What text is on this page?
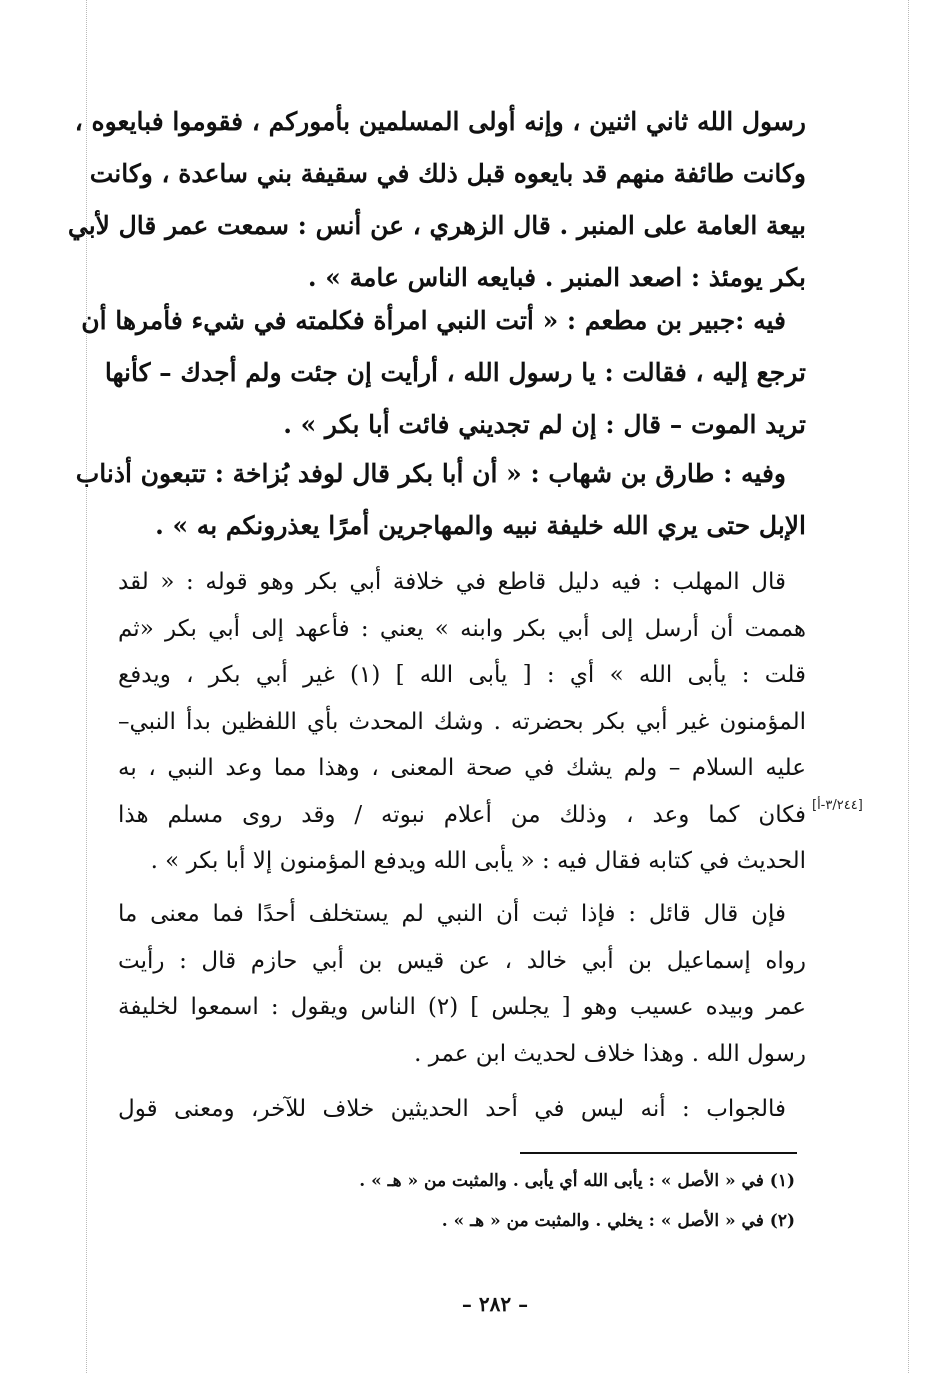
رسول الله ثاني اثنين ، وإنه أولى المسلمين بأموركم ، فقوموا فبايعوه ،
وكانت طائفة منهم قد بايعوه قبل ذلك في سقيفة بني ساعدة ، وكانت
بيعة العامة على المنبر . قال الزهري ، عن أنس : سمعت عمر قال لأبي
بكر يومئذ : اصعد المنبر . فبايعه الناس عامة » .
فيه :جبير بن مطعم : « أتت النبي امرأة فكلمته في شيء فأمرها أن
ترجع إليه ، فقالت : يا رسول الله ، أرأيت إن جئت ولم أجدك – كأنها
تريد الموت – قال : إن لم تجديني فائت أبا بكر » .
وفيه : طارق بن شهاب : « أن أبا بكر قال لوفد بُزاخة : تتبعون أذناب
الإبل حتى يري الله خليفة نبيه والمهاجرين أمرًا يعذرونكم به » .
قال المهلب : فيه دليل قاطع في خلافة أبي بكر وهو قوله : « لقد
هممت أن أرسل إلى أبي بكر وابنه » يعني : فأعهد إلى أبي بكر «ثم
قلت : يأبى الله » أي : [ يأبى الله ] (١) غير أبي بكر ، ويدفع
المؤمنون غير أبي بكر بحضرته . وشك المحدث بأي اللفظين بدأ النبي–
عليه السلام – ولم يشك في صحة المعنى ، وهذا مما وعد النبي ، به
فكان كما وعد ، وذلك من أعلام نبوته / وقد روى مسلم هذا
الحديث في كتابه فقال فيه : « يأبى الله ويدفع المؤمنون إلا أبا بكر » .
فإن قال قائل : فإذا ثبت أن النبي لم يستخلف أحدًا فما معنى ما
رواه إسماعيل بن أبي خالد ، عن قيس بن أبي حازم قال : رأيت
عمر وبيده عسيب وهو [ يجلس ] (٢) الناس ويقول : اسمعوا لخليفة
رسول الله . وهذا خلاف لحديث ابن عمر .
فالجواب : أنه ليس في أحد الحديثين خلاف للآخر، ومعنى قول
[٣/٢٤٤-أ]
(١) في « الأصل » : يأبى الله أي يأبى . والمثبت من « هـ » .
(٢) في « الأصل » : يخلي . والمثبت من « هـ » .
– ٢٨٢ –
